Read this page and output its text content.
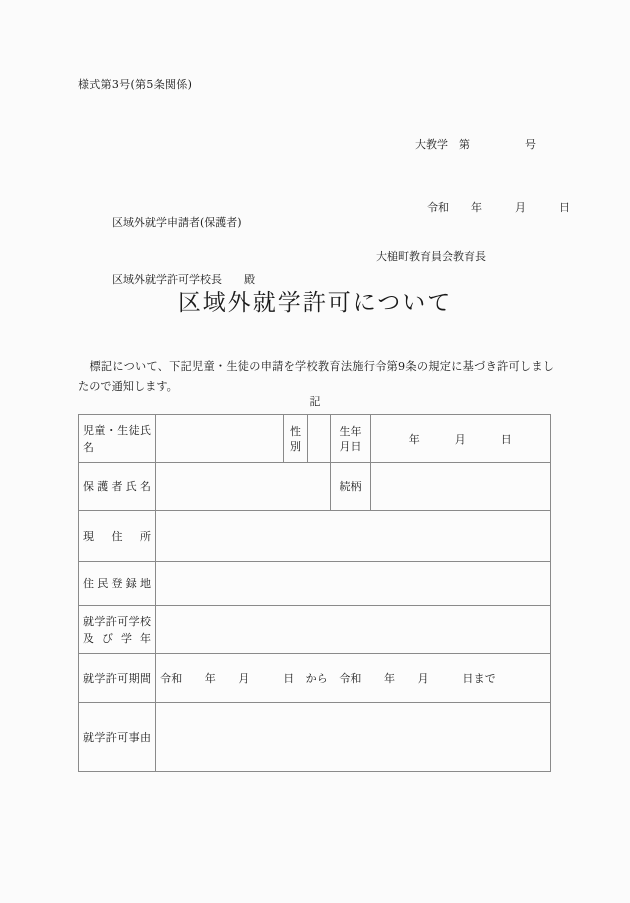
様式第3号(第5条関係)

大教学　第　　　　　号

令和　　年　　　月　　　日

区域外就学申請者(保護者)

区域外就学許可学校長　　殿

大槌町教育員会教育長
区域外就学許可について
　標記について、下記児童・生徒の申請を学校教育法施行令第9条の規定に基づき許可しましたので通知します。
記
児童・生徒氏名		性別		生年月日	年　　　月　　　日
保護者氏名				続柄	
現住所					
住民登録地					
就学許可学校及び学年					
就学許可期間	令和　　年　　月　　　日　から　令和　　年　　月　　　日まで				
就学許可事由					
